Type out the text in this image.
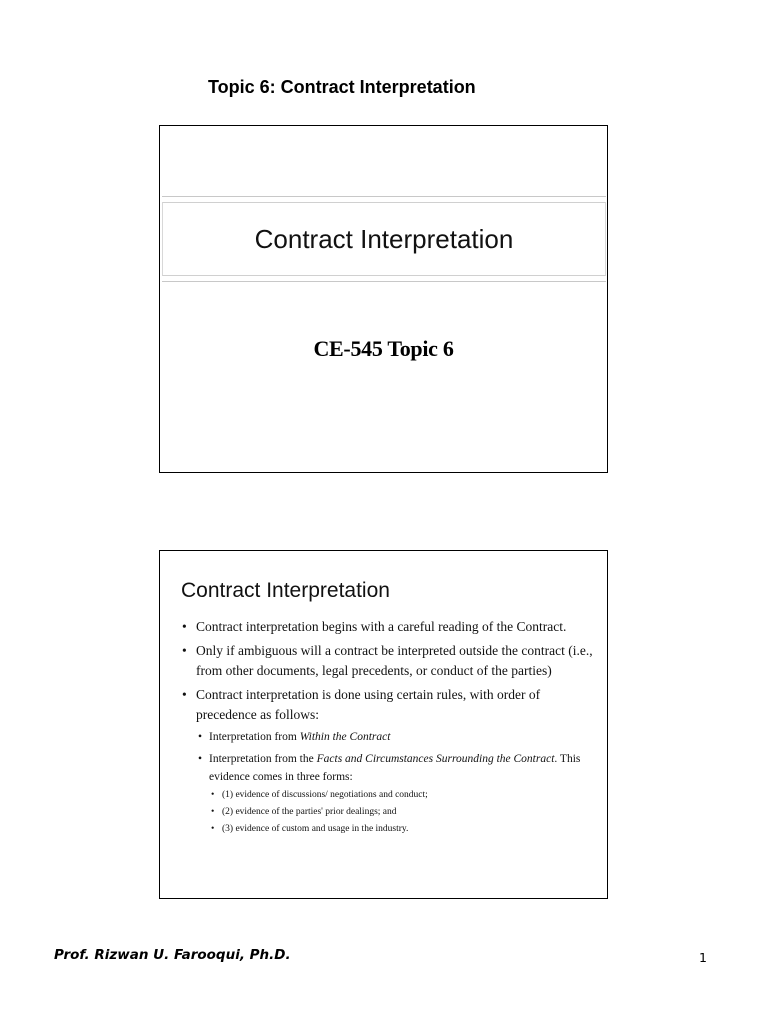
Topic 6: Contract Interpretation
Contract Interpretation
CE-545 Topic 6
Contract Interpretation
• Contract interpretation begins with a careful reading of the Contract.
• Only if ambiguous will a contract be interpreted outside the contract (i.e., from other documents, legal precedents, or conduct of the parties)
• Contract interpretation is done using certain rules, with order of precedence as follows:
• Interpretation from Within the Contract
• Interpretation from the Facts and Circumstances Surrounding the Contract. This evidence comes in three forms:
• (1) evidence of discussions/ negotiations and conduct;
• (2) evidence of the parties' prior dealings; and
• (3) evidence of custom and usage in the industry.
Prof. Rizwan U. Farooqui, Ph.D.	1
